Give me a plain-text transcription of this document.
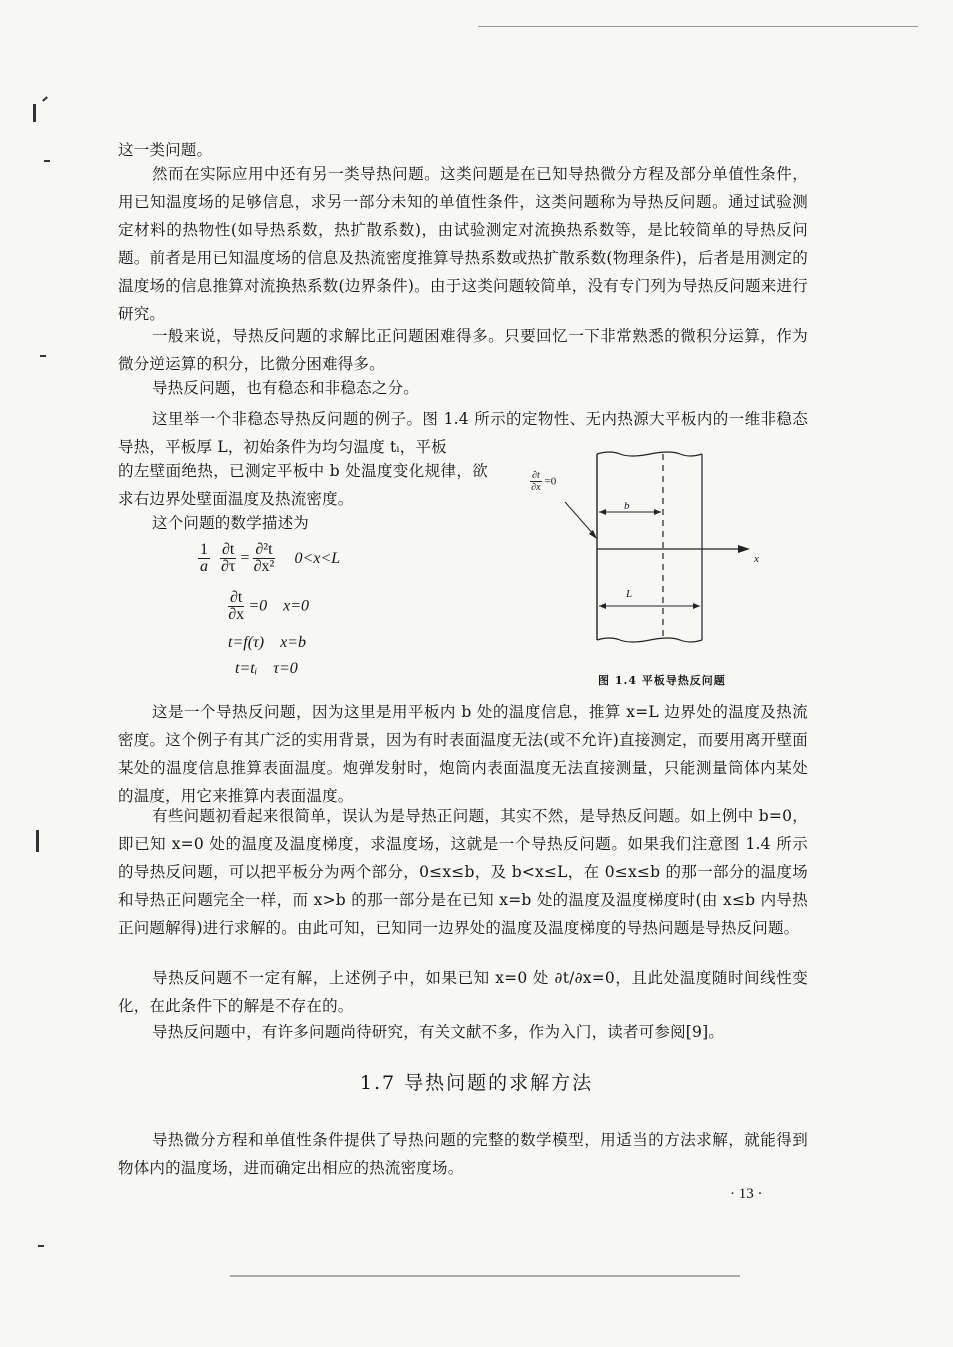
这一类问题。

然而在实际应用中还有另一类导热问题。这类问题是在已知导热微分方程及部分单值性条件，用已知温度场的足够信息，求另一部分未知的单值性条件，这类问题称为导热反问题。通过试验测定材料的热物性(如导热系数，热扩散系数)，由试验测定对流换热系数等，是比较简单的导热反问题。前者是用已知温度场的信息及热流密度推算导热系数或热扩散系数(物理条件)，后者是用测定的温度场的信息推算对流换热系数(边界条件)。由于这类问题较简单，没有专门列为导热反问题来进行研究。

一般来说，导热反问题的求解比正问题困难得多。只要回忆一下非常熟悉的微积分运算，作为微分逆运算的积分，比微分困难得多。

导热反问题，也有稳态和非稳态之分。

这里举一个非稳态导热反问题的例子。图 1.4 所示的定物性、无内热源大平板内的一维非稳态导热，平板厚 L，初始条件为均匀温度 tᵢ，平板

的左壁面绝热，已测定平板中 b 处温度变化规律，欲求右边界处壁面温度及热流密度。

这个问题的数学描述为

$\frac{1}{a}$
$\frac{\partial t}{\partial\tau} = \frac{\text{∂²t}}{\text{∂x²}} 0<x<L$
$\frac{\partial t}{\partial x} =0$    x=0
t=f(τ)    x=b
t=tᵢ    τ=0
$\frac{\partial t}{\partial x} =0$
b
L
x
图 1.4 平板导热反问题

这是一个导热反问题，因为这里是用平板内 b 处的温度信息，推算 x=L 边界处的温度及热流密度。这个例子有其广泛的实用背景，因为有时表面温度无法(或不允许)直接测定，而要用离开壁面某处的温度信息推算表面温度。炮弹发射时，炮筒内表面温度无法直接测量，只能测量筒体内某处的温度，用它来推算内表面温度。

有些问题初看起来很简单，误认为是导热正问题，其实不然，是导热反问题。如上例中 b=0，即已知 x=0 处的温度及温度梯度，求温度场，这就是一个导热反问题。如果我们注意图 1.4 所示的导热反问题，可以把平板分为两个部分，0≤x≤b，及 b<x≤L，在 0≤x≤b 的那一部分的温度场和导热正问题完全一样，而 x>b 的那一部分是在已知 x=b 处的温度及温度梯度时(由 x≤b 内导热正问题解得)进行求解的。由此可知，已知同一边界处的温度及温度梯度的导热问题是导热反问题。

导热反问题不一定有解，上述例子中，如果已知 x=0 处 ∂t/∂x=0，且此处温度随时间线性变化，在此条件下的解是不存在的。

导热反问题中，有许多问题尚待研究，有关文献不多，作为入门，读者可参阅[9]。

1.7 导热问题的求解方法

导热微分方程和单值性条件提供了导热问题的完整的数学模型，用适当的方法求解，就能得到物体内的温度场，进而确定出相应的热流密度场。

· 13 ·
